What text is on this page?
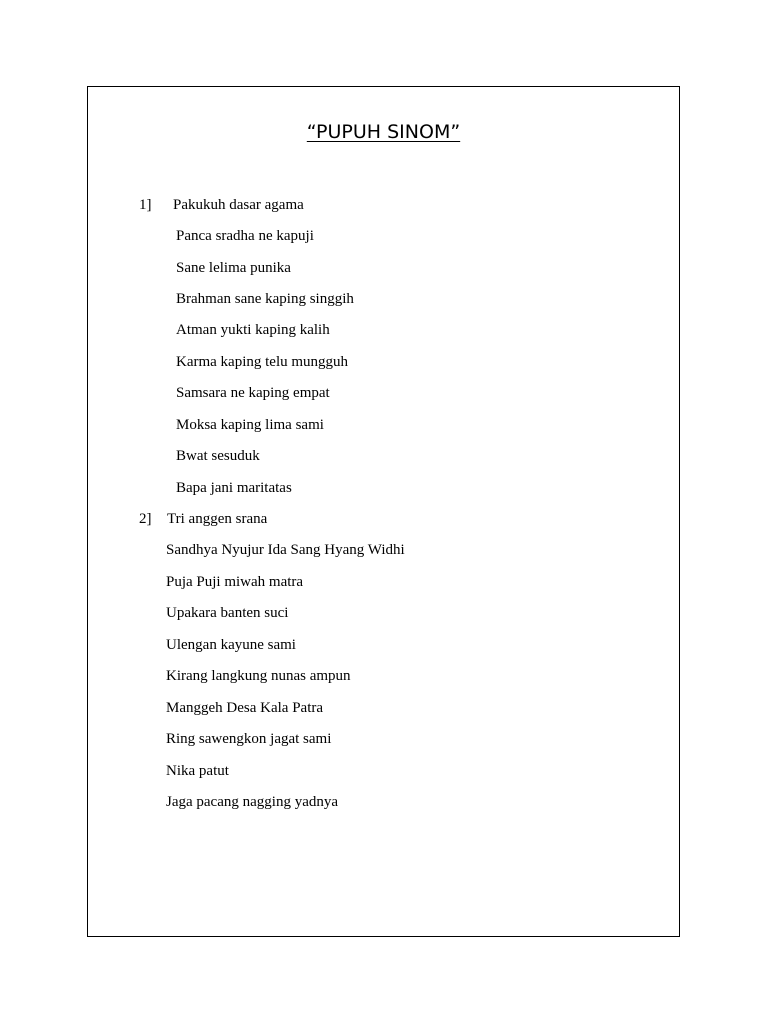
“PUPUH SINOM”
1] Pakukuh dasar agama
Panca sradha ne kapuji
Sane lelima punika
Brahman sane kaping singgih
Atman yukti kaping kalih
Karma kaping telu mungguh
Samsara ne kaping empat
Moksa kaping lima sami
Bwat sesuduk
Bapa jani maritatas
2] Tri anggen srana
Sandhya Nyujur Ida Sang Hyang Widhi
Puja Puji miwah matra
Upakara banten suci
Ulengan kayune sami
Kirang langkung nunas ampun
Manggeh Desa Kala Patra
Ring sawengkon jagat sami
Nika patut
Jaga pacang nagging yadnya
